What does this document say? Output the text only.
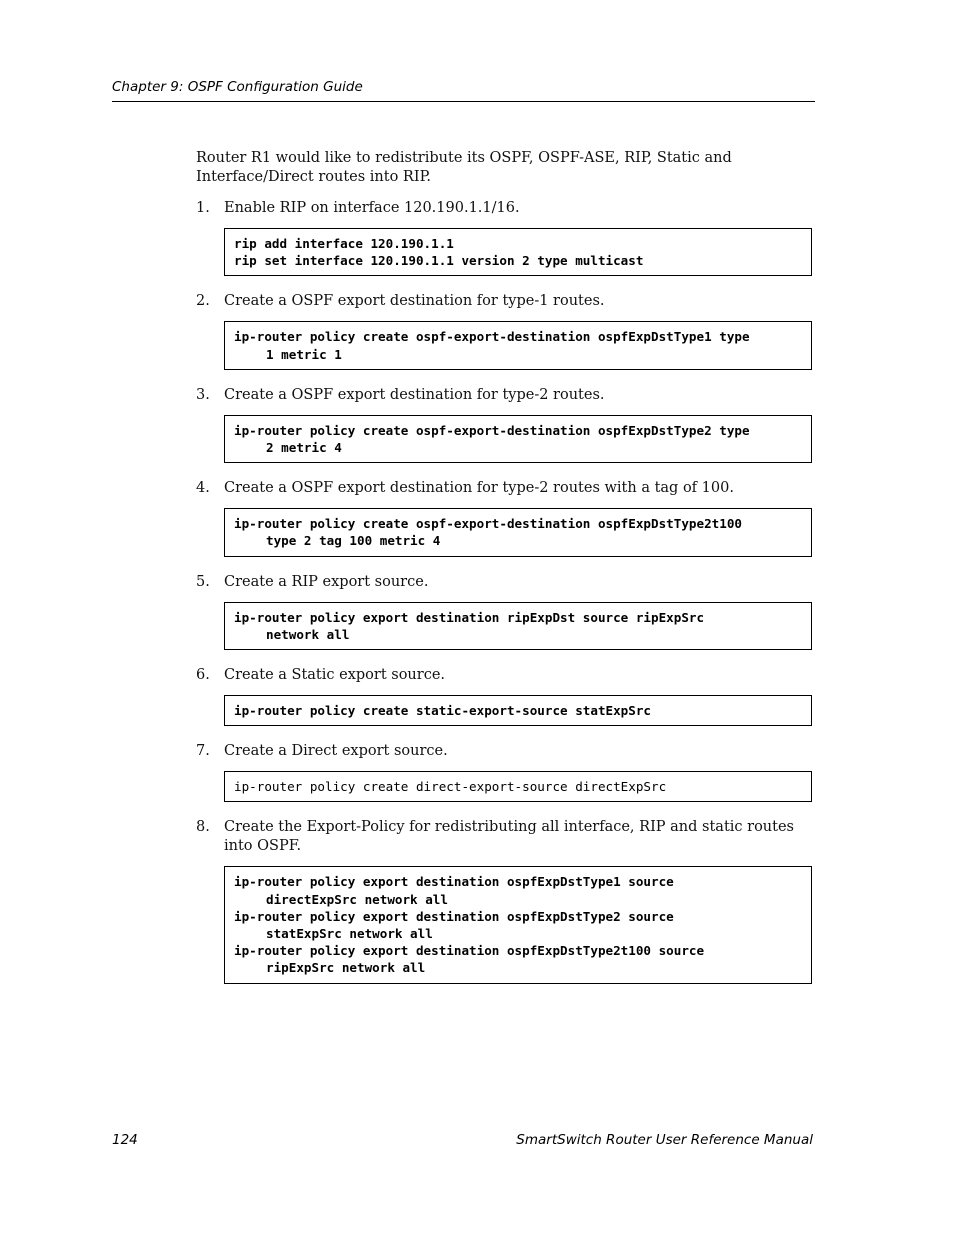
Chapter 9: OSPF Configuration Guide

Router R1 would like to redistribute its OSPF, OSPF-ASE, RIP, Static and Interface/Direct routes into RIP.

1. Enable RIP on interface 120.190.1.1/16.

rip add interface 120.190.1.1
rip set interface 120.190.1.1 version 2 type multicast

2. Create a OSPF export destination for type-1 routes.

ip-router policy create ospf-export-destination ospfExpDstType1 type
1 metric 1

3. Create a OSPF export destination for type-2 routes.

ip-router policy create ospf-export-destination ospfExpDstType2 type
2 metric 4

4. Create a OSPF export destination for type-2 routes with a tag of 100.

ip-router policy create ospf-export-destination ospfExpDstType2t100
type 2 tag 100 metric 4

5. Create a RIP export source.

ip-router policy export destination ripExpDst source ripExpSrc
network all

6. Create a Static export source.

ip-router policy create static-export-source statExpSrc

7. Create a Direct export source.

ip-router policy create direct-export-source directExpSrc

8. Create the Export-Policy for redistributing all interface, RIP and static routes into OSPF.

ip-router policy export destination ospfExpDstType1 source
directExpSrc network all
ip-router policy export destination ospfExpDstType2 source
statExpSrc network all
ip-router policy export destination ospfExpDstType2t100 source
ripExpSrc network all
124	SmartSwitch Router User Reference Manual
